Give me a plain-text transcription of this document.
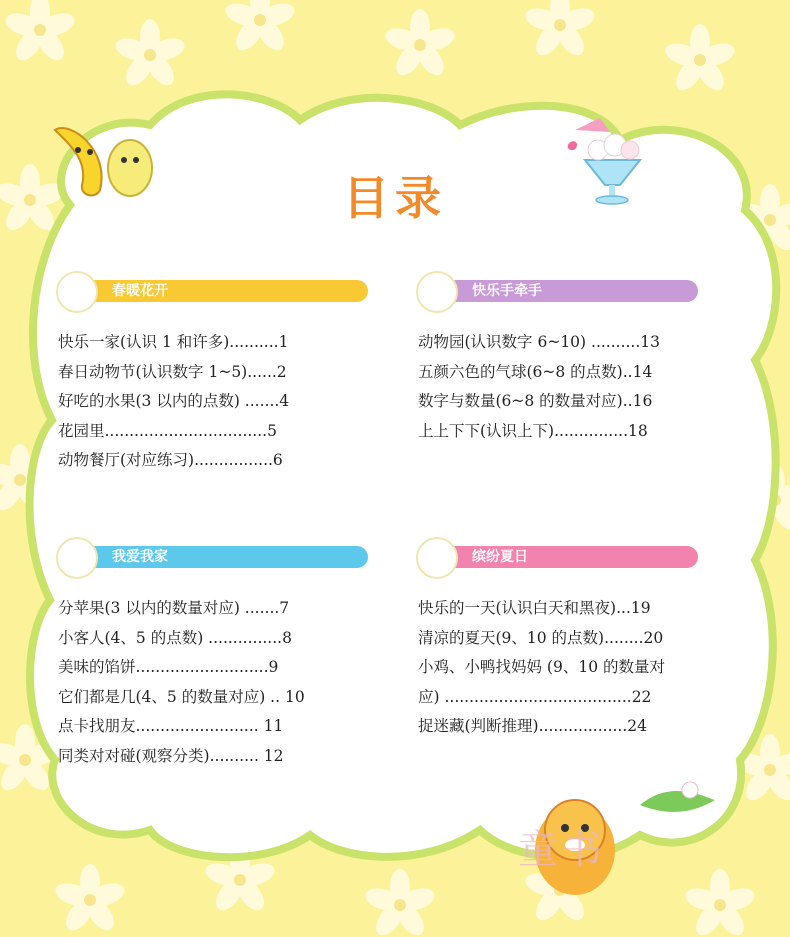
目录
春暖花开
快乐一家(认识 1 和许多)..........1
春日动物节(认识数字 1~5)......2
好吃的水果(3 以内的点数) .......4
花园里.................................5
动物餐厅(对应练习)................6
快乐手牵手
动物园(认识数字 6~10) ..........13
五颜六色的气球(6~8 的点数)..14
数字与数量(6~8 的数量对应)..16
上上下下(认识上下)...............18
我爱我家
分苹果(3 以内的数量对应) .......7
小客人(4、5 的点数) ...............8
美味的馅饼...........................9
它们都是几(4、5 的数量对应) .. 10
点卡找朋友......................... 11
同类对对碰(观察分类).......... 12
缤纷夏日
快乐的一天(认识白天和黑夜)...19
清凉的夏天(9、10 的点数)........20
小鸡、小鸭找妈妈 (9、10 的数量对
应) ......................................22
捉迷藏(判断推理)..................24
童书
